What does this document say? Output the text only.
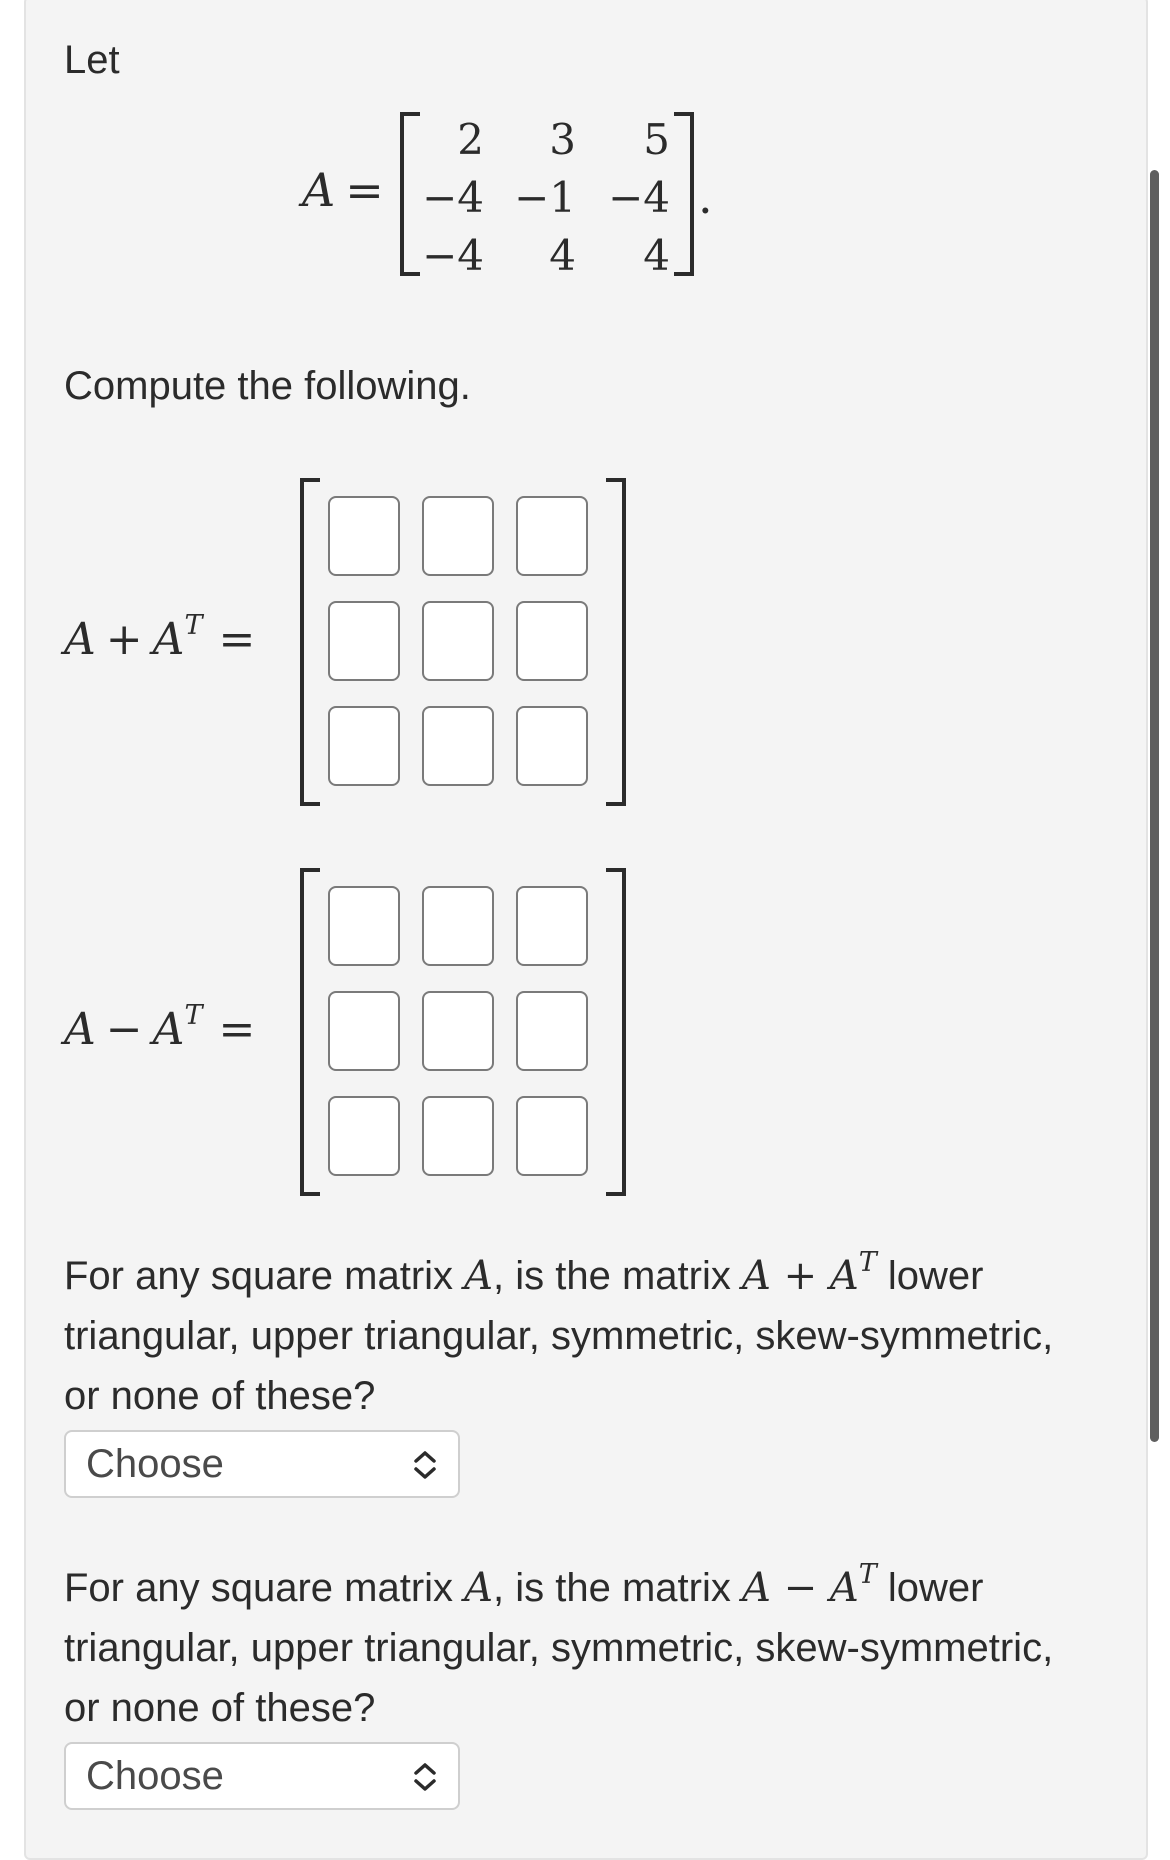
Let
A =
2	3	5
−4 −1 −4
−4	4	4
.
Compute the following.
$A + A^T$ =
$A - A^T$ =
For any square matrix A, is the matrix $A + A^T$ lower triangular, upper triangular, symmetric, skew-symmetric, or none of these?
Choose
For any square matrix A, is the matrix $A - A^T$ lower triangular, upper triangular, symmetric, skew-symmetric, or none of these?
Choose
